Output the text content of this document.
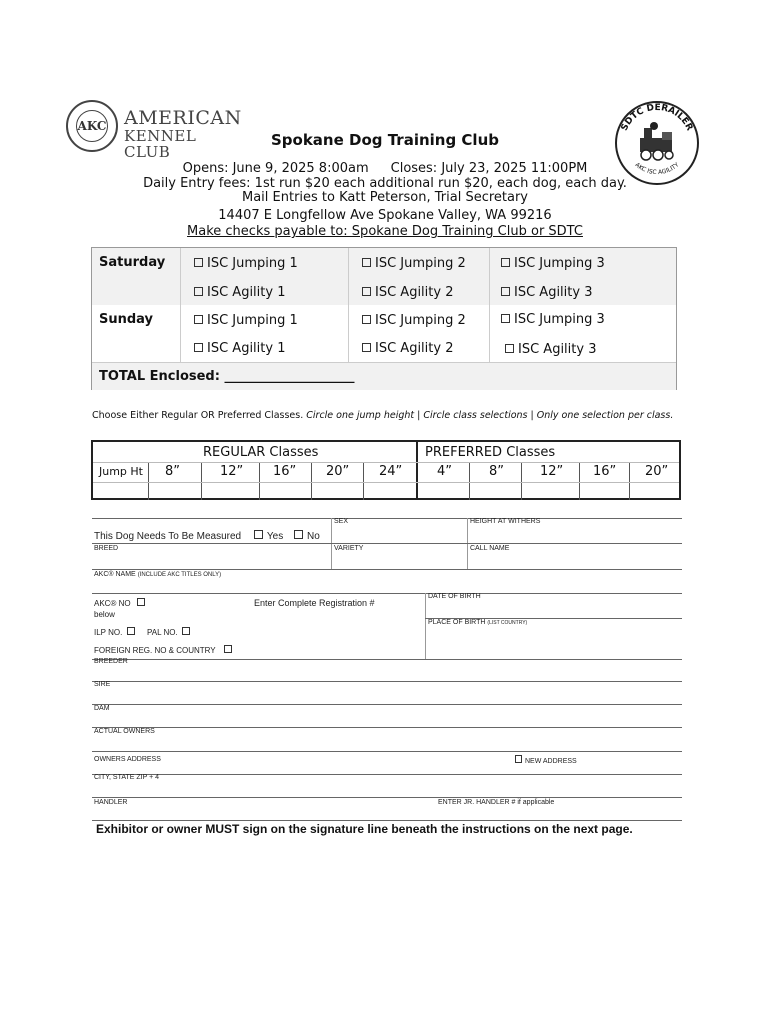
AKC AMERICAN
KENNEL CLUB
SDTC DERAILER
AKC ISC AGILITY
Spokane Dog Training Club
Opens: June 9, 2025 8:00am Closes: July 23, 2025 11:00PM
Daily Entry fees: 1st run $20 each additional run $20, each dog, each day.
Mail Entries to Katt Peterson, Trial Secretary
14407 E Longfellow Ave Spokane Valley, WA 99216
Make checks payable to: Spokane Dog Training Club or SDTC
Saturday	ISC Jumping 1	ISC Jumping 2	ISC Jumping 3
ISC Agility 1	ISC Agility 2	ISC Agility 3
Sunday	ISC Jumping 1	ISC Jumping 2	ISC Jumping 3
ISC Agility 1	ISC Agility 2	ISC Agility 3
TOTAL Enclosed: ____________________
Choose Either Regular OR Preferred Classes. Circle one jump height | Circle class selections | Only one selection per class.
REGULAR Classes	PREFERRED Classes
Jump Ht 8”	12” 16” 20” 24”	4”	8”	12” 16” 20”
SEX	HEIGHT AT WITHERS
This Dog Needs To Be Measured	Yes No
BREED	VARIETY	CALL NAME
AKC® NAME (INCLUDE AKC TITLES ONLY)
DATE OF BIRTH
PLACE OF BIRTH (LIST COUNTRY)
AKC® NO
below
Enter Complete Registration #
ILP NO.	PAL NO.
FOREIGN REG. NO & COUNTRY
BREEDER
SIRE
DAM
ACTUAL OWNERS
OWNERS ADDRESS	NEW ADDRESS
CITY, STATE ZIP + 4
HANDLER	ENTER JR. HANDLER # if applicable
Exhibitor or owner MUST sign on the signature line beneath the instructions on the next page.
